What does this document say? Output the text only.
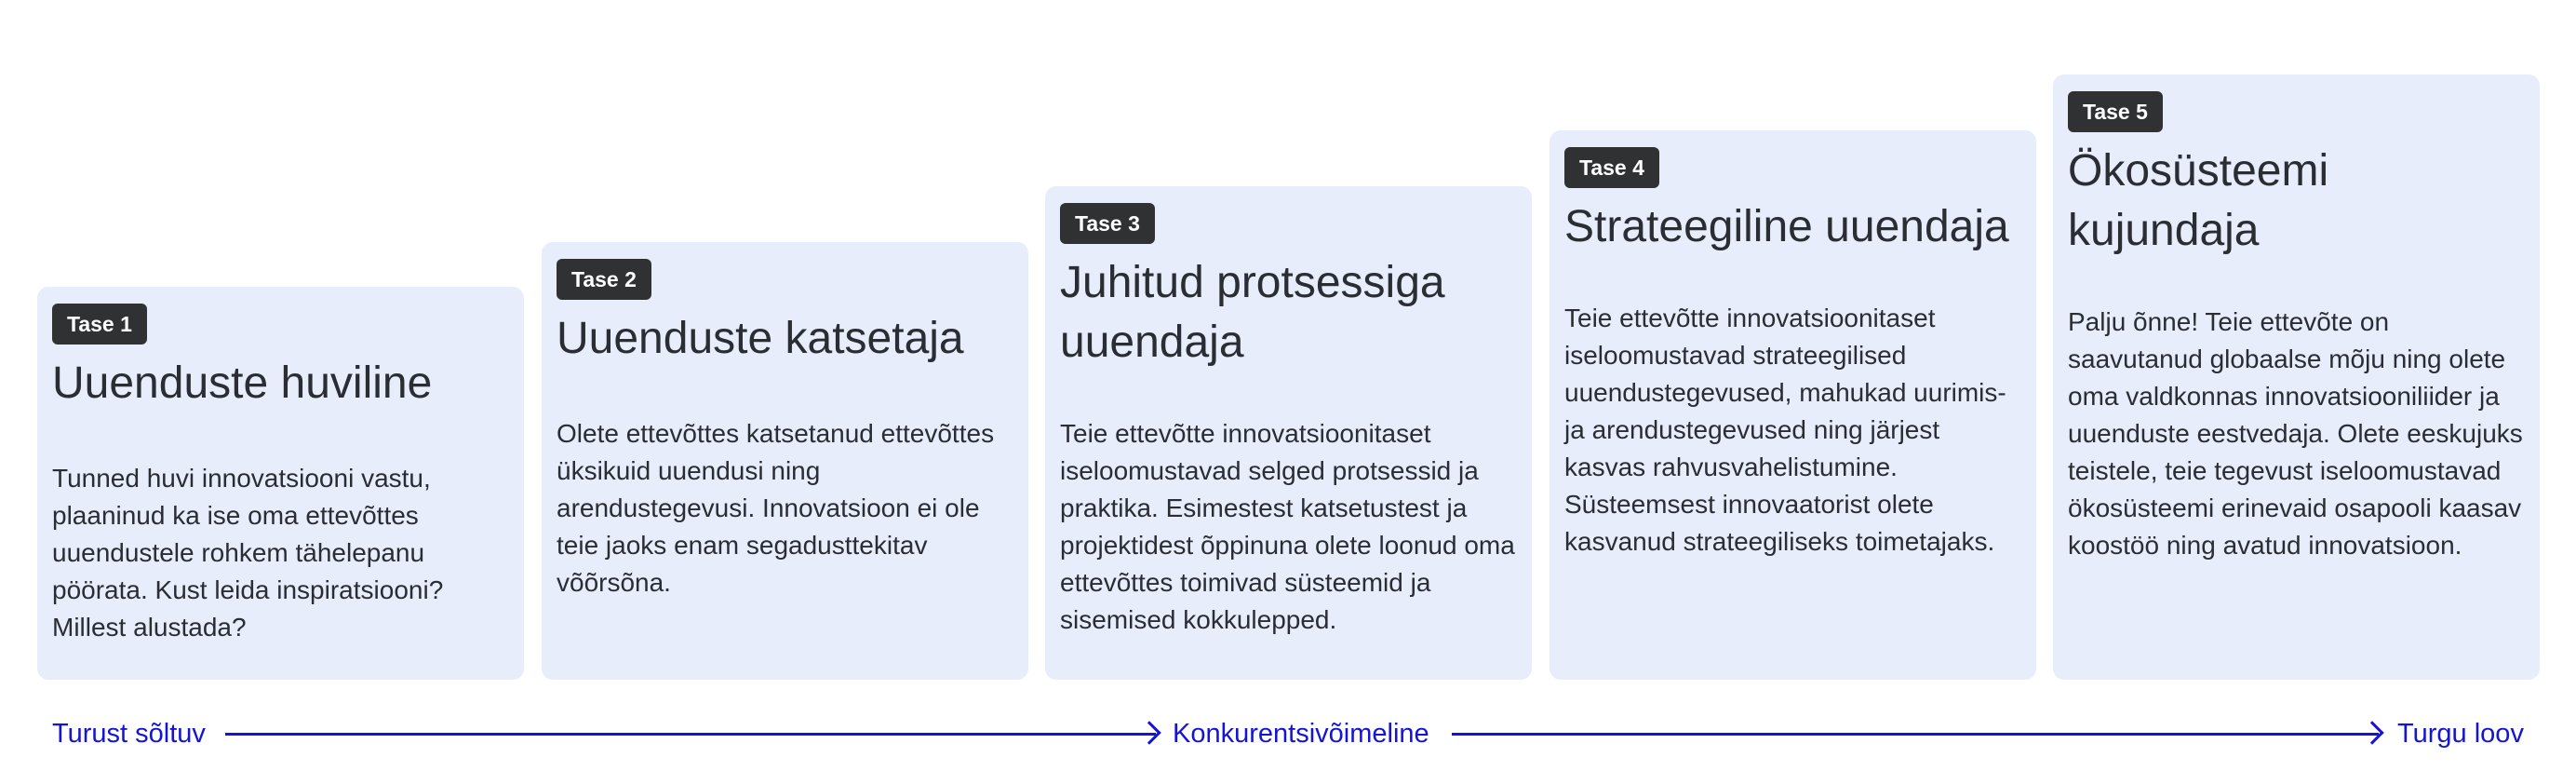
Tase 1
Uuenduste huviline

Tunned huvi innovatsiooni vastu, plaaninud ka ise oma ettevõttes uuendustele rohkem tähelepanu pöörata. Kust leida inspiratsiooni? Millest alustada?

Tase 2
Uuenduste katsetaja

Olete ettevõttes katsetanud ettevõttes üksikuid uuendusi ning arendustegevusi. Innovatsioon ei ole teie jaoks enam segadusttekitav võõrsõna.

Tase 3
Juhitud protsessiga uuendaja

Teie ettevõtte innovatsioonitaset iseloomustavad selged protsessid ja praktika. Esimestest katsetustest ja projektidest õppinuna olete loonud oma ettevõttes toimivad süsteemid ja sisemised kokkulepped.

Tase 4
Strateegiline uuendaja

Teie ettevõtte innovatsioonitaset iseloomustavad strateegilised uuendustegevused, mahukad uurimis- ja arendustegevused ning järjest kasvas rahvusvahelistumine. Süsteemsest innovaatorist olete kasvanud strateegiliseks toimetajaks.

Tase 5
Ökosüsteemi kujundaja

Palju õnne! Teie ettevõte on saavutanud globaalse mõju ning olete oma valdkonnas innovatsiooniliider ja uuenduste eestvedaja. Olete eeskujuks teistele, teie tegevust iseloomustavad ökosüsteemi erinevaid osapooli kaasav koostöö ning avatud innovatsioon.

Turust sõltuv	Konkurentsivõimeline	Turgu loov
